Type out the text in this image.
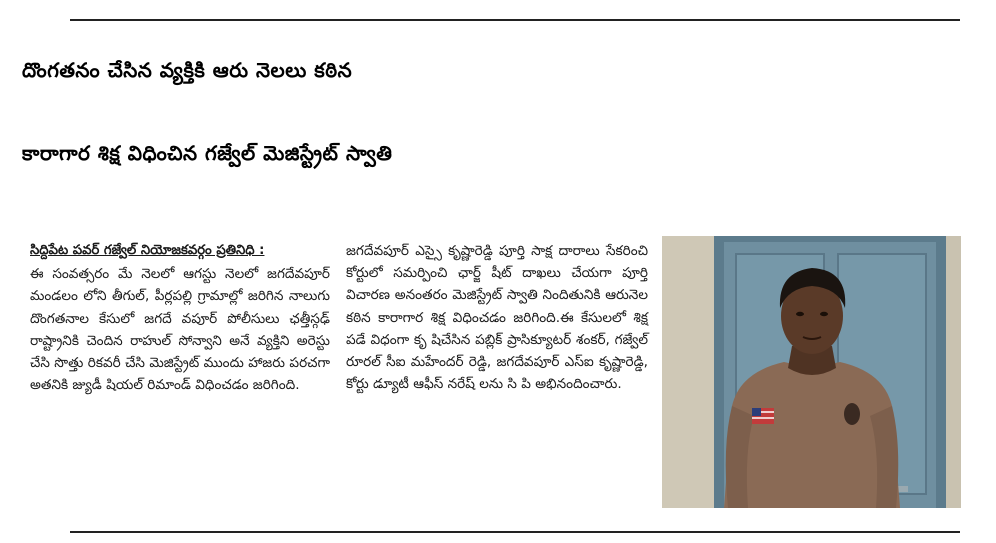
దొంగతనం చేసిన వ్యక్తికి ఆరు నెలలు కఠిన
కారాగార శిక్ష విధించిన గజ్వేల్ మెజిస్ట్రేట్ స్వాతి
సిద్దిపేట పవర్ గజ్వేల్ నియోజకవర్గం ప్రతినిధి :

ఈ సంవత్సరం మే నెలలో ఆగస్టు నెలలో జగదేవపూర్ మండలం లోని తీగుల్, పీర్లపల్లి గ్రామాల్లో జరిగిన నాలుగు దొంగతనాల కేసులో జగదే వపూర్ పోలీసులు ఛత్తీస్గఢ్ రాష్ట్రానికి చెందిన రాహుల్ సోన్వాని అనే వ్యక్తిని అరెస్టు చేసి సొత్తు రికవరీ చేసి మెజిస్ట్రేట్ ముందు హాజరు పరచగా అతనికి జ్యుడీ షియల్ రిమాండ్ విధించడం జరిగింది.

జగదేవపూర్ ఎస్సై కృష్ణారెడ్డి పూర్తి సాక్ష దారాలు సేకరించి కోర్టులో సమర్పించి ఛార్జ్ షీట్ దాఖలు చేయగా పూర్తి విచారణ అనంతరం మెజిస్ట్రేట్ స్వాతి నిందితునికి ఆరునెల కఠిన కారాగార శిక్ష విధించడం జరిగింది.ఈ కేసులలో శిక్ష పడే విధంగా కృ షిచేసిన పబ్లిక్ ప్రాసిక్యూటర్ శంకర్, గజ్వేల్ రూరల్ సీఐ మహేందర్ రెడ్డి, జగదేవపూర్ ఎస్ఐ కృష్ణారెడ్డి, కోర్టు డ్యూటీ ఆఫీస్ నరేష్ లను సి పి అభినందించారు.
